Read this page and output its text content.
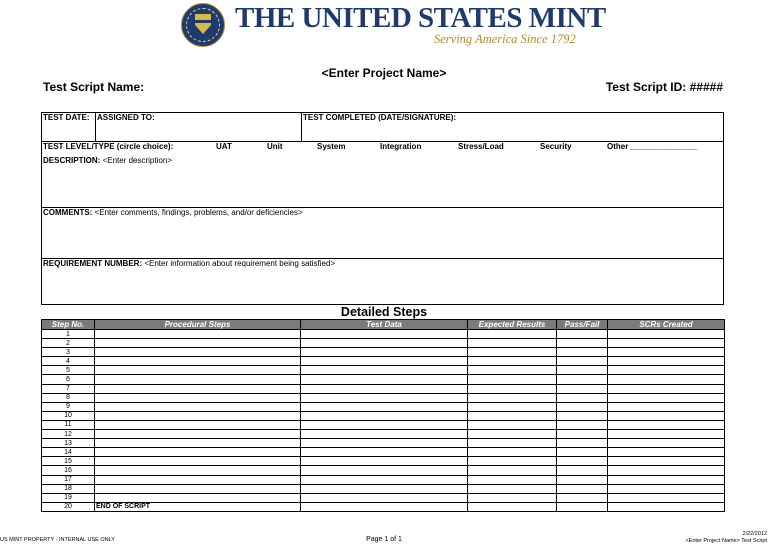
THE UNITED STATES MINT
Serving America Since 1792
<Enter Project Name>
Test Script Name:	Test Script ID: #####
TEST DATE: ASSIGNED TO:	TEST COMPLETED (DATE/SIGNATURE):
TEST LEVEL/TYPE (circle choice):	UAT	Unit	System	Integration	Stress/Load	Security	Other _______________
DESCRIPTION: <Enter description>
COMMENTS: <Enter comments, findings, problems, and/or deficiencies>
REQUIREMENT NUMBER: <Enter information about requirement being satisfied>
Detailed Steps
Step No.	Procedural Steps	Test Data	Expected Results	Pass/Fail	SCRs Created
1					
2					
3					
4					
5					
6					
7					
8					
9					
10					
11					
12					
13					
14					
15					
16					
17					
18					
19					
20	END OF SCRIPT				
US MINT PROPERTY - INTERNAL USE ONLY	Page 1 of 1
2/22/2012
<Enter Project Name> Test Script
